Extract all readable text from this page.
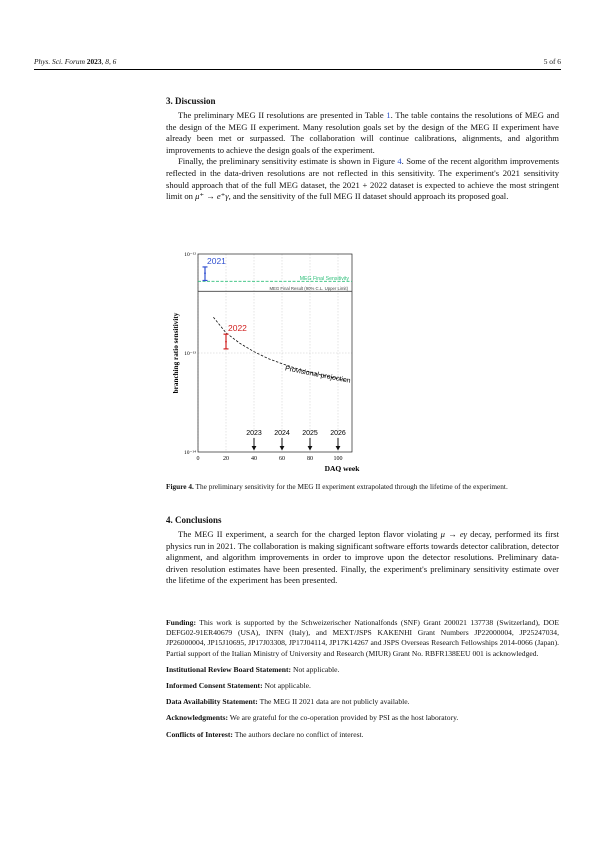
Phys. Sci. Forum 2023, 8, 6	5 of 6
3. Discussion

The preliminary MEG II resolutions are presented in Table 1. The table contains the resolutions of MEG and the design of the MEG II experiment. Many resolution goals set by the design of the MEG II experiment have already been met or surpassed. The collaboration will continue calibrations, alignments, and algorithm improvements to achieve the design goals of the experiment.

Finally, the preliminary sensitivity estimate is shown in Figure 4. Some of the recent algorithm improvements reflected in the data-driven resolutions are not reflected in this sensitivity. The experiment's 2021 sensitivity should approach that of the full MEG dataset, the 2021 + 2022 dataset is expected to achieve the most stringent limit on μ⁺ → e⁺γ, and the sensitivity of the full MEG II dataset should approach its proposed goal.

0	20	40	60	80	100
10⁻¹²
10⁻¹³
10⁻¹⁴
DAQ week
branching ratio sensitivity
MEG Final Sensitivity
MEG Final Result (90% C.L. Upper Limit)
Provisional projection
2021
2022
2023 2024 2025 2026

Figure 4. The preliminary sensitivity for the MEG II experiment extrapolated through the lifetime of the experiment.

4. Conclusions

The MEG II experiment, a search for the charged lepton flavor violating μ → eγ decay, performed its first physics run in 2021. The collaboration is making significant software efforts towards detector calibration, detector alignment, and algorithm improvements in order to improve upon the detector resolutions. Preliminary data-driven resolution estimates have been presented. Finally, the experiment's preliminary sensitivity estimate over the lifetime of the experiment has been presented.

Funding: This work is supported by the Schweizerischer Nationalfonds (SNF) Grant 200021 137738 (Switzerland), DOE DEFG02-91ER40679 (USA), INFN (Italy), and MEXT/JSPS KAKENHI Grant Numbers JP22000004, JP25247034, JP26000004, JP15J10695, JP17J03308, JP17J04114, JP17K14267 and JSPS Overseas Research Fellowships 2014-0066 (Japan). Partial support of the Italian Ministry of University and Research (MIUR) Grant No. RBFR138EEU 001 is acknowledged.

Institutional Review Board Statement: Not applicable.

Informed Consent Statement: Not applicable.

Data Availability Statement: The MEG II 2021 data are not publicly available.

Acknowledgments: We are grateful for the co-operation provided by PSI as the host laboratory.

Conflicts of Interest: The authors declare no conflict of interest.
